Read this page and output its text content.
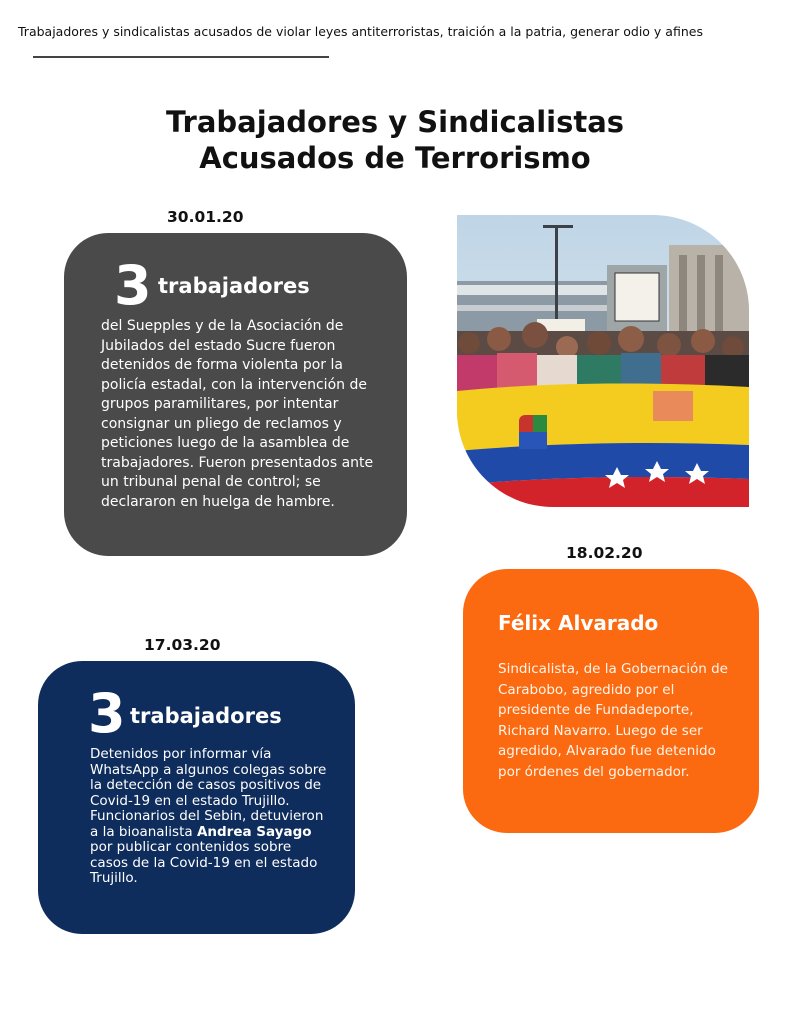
Trabajadores y sindicalistas acusados de violar leyes antiterroristas, traición a la patria, generar odio y afines
Trabajadores y Sindicalistas
Acusados de Terrorismo
30.01.20
3 trabajadores
del Suepples y de la Asociación de Jubilados del estado Sucre fueron detenidos de forma violenta por la policía estadal, con la intervención de grupos paramilitares, por intentar consignar un pliego de reclamos y peticiones luego de la asamblea de trabajadores. Fueron presentados ante un tribunal penal de control; se declararon en huelga de hambre.
18.02.20
Félix Alvarado
Sindicalista, de la Gobernación de Carabobo, agredido por el presidente de Fundadeporte, Richard Navarro. Luego de ser agredido, Alvarado fue detenido por órdenes del gobernador.
17.03.20
3 trabajadores
Detenidos por informar vía WhatsApp a algunos colegas sobre la detección de casos positivos de Covid-19 en el estado Trujillo. Funcionarios del Sebin, detuvieron a la bioanalista Andrea Sayago por publicar contenidos sobre casos de la Covid-19 en el estado Trujillo.
